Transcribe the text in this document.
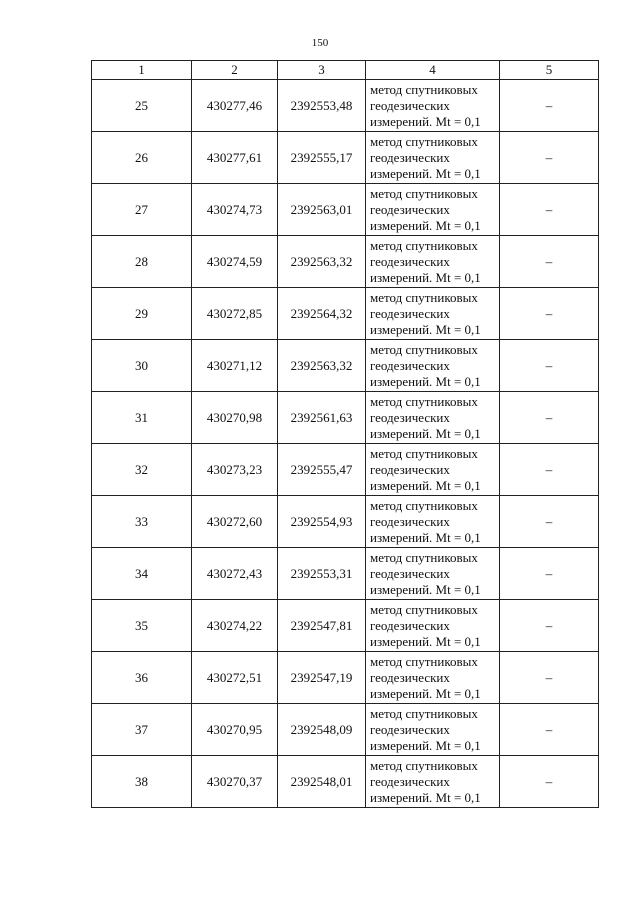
150
1	2	3	4	5
25	430277,46	2392553,48	метод спутниковых
геодезических
измерений. Mt = 0,1	–
26	430277,61	2392555,17	метод спутниковых
геодезических
измерений. Mt = 0,1	–
27	430274,73	2392563,01	метод спутниковых
геодезических
измерений. Mt = 0,1	–
28	430274,59	2392563,32	метод спутниковых
геодезических
измерений. Mt = 0,1	–
29	430272,85	2392564,32	метод спутниковых
геодезических
измерений. Mt = 0,1	–
30	430271,12	2392563,32	метод спутниковых
геодезических
измерений. Mt = 0,1	–
31	430270,98	2392561,63	метод спутниковых
геодезических
измерений. Mt = 0,1	–
32	430273,23	2392555,47	метод спутниковых
геодезических
измерений. Mt = 0,1	–
33	430272,60	2392554,93	метод спутниковых
геодезических
измерений. Mt = 0,1	–
34	430272,43	2392553,31	метод спутниковых
геодезических
измерений. Mt = 0,1	–
35	430274,22	2392547,81	метод спутниковых
геодезических
измерений. Mt = 0,1	–
36	430272,51	2392547,19	метод спутниковых
геодезических
измерений. Mt = 0,1	–
37	430270,95	2392548,09	метод спутниковых
геодезических
измерений. Mt = 0,1	–
38	430270,37	2392548,01	метод спутниковых
геодезических
измерений. Mt = 0,1	–
